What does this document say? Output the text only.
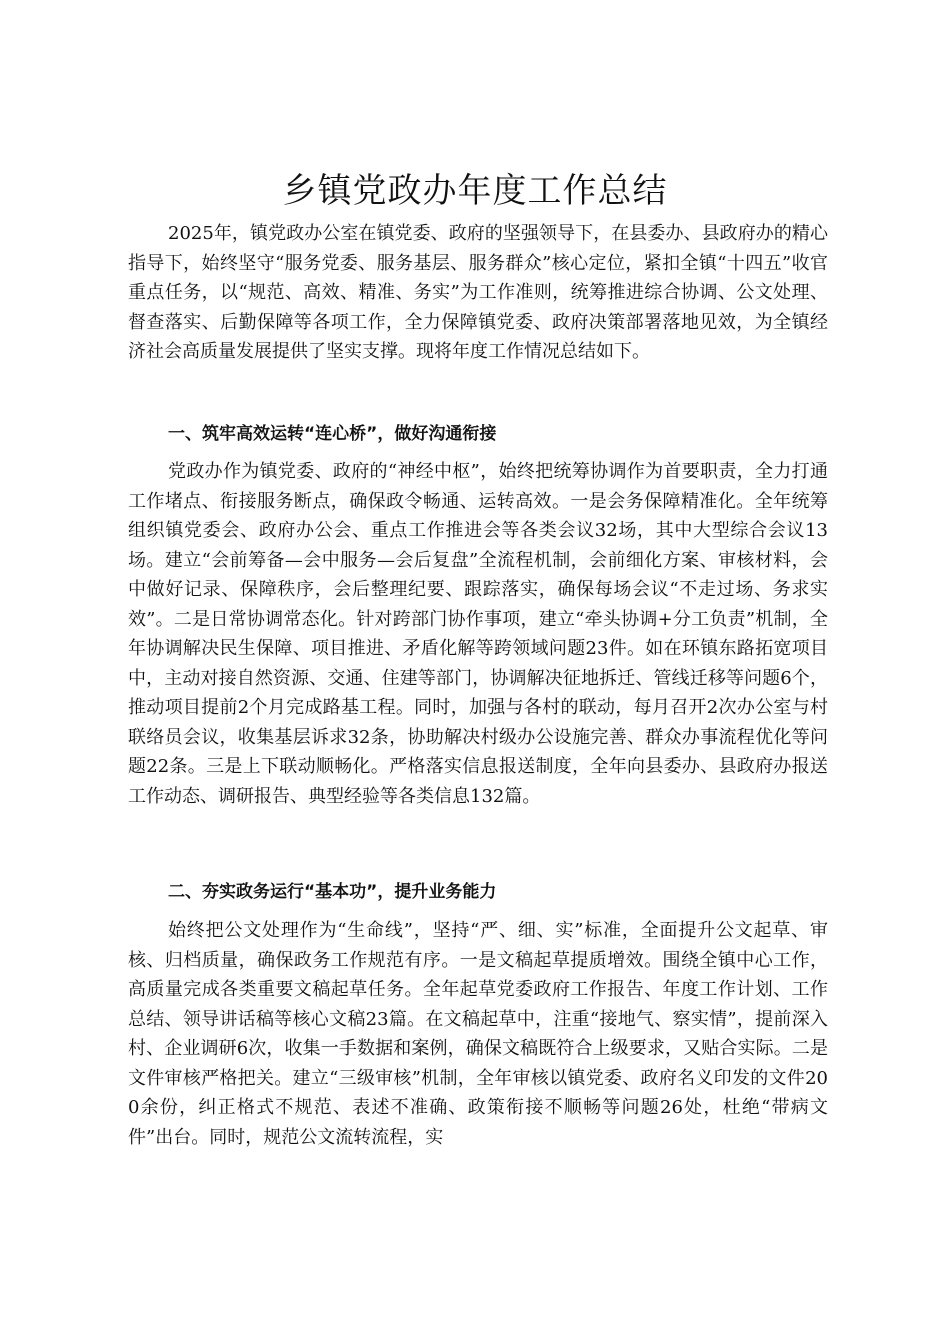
乡镇党政办年度工作总结

2025年，镇党政办公室在镇党委、政府的坚强领导下，在县委办、县政府办的精心指导下，始终坚守“服务党委、服务基层、服务群众”核心定位，紧扣全镇“十四五”收官重点任务，以“规范、高效、精准、务实”为工作准则，统筹推进综合协调、公文处理、督查落实、后勤保障等各项工作，全力保障镇党委、政府决策部署落地见效，为全镇经济社会高质量发展提供了坚实支撑。现将年度工作情况总结如下。

一、筑牢高效运转“连心桥”，做好沟通衔接

党政办作为镇党委、政府的“神经中枢”，始终把统筹协调作为首要职责，全力打通工作堵点、衔接服务断点，确保政令畅通、运转高效。一是会务保障精准化。全年统筹组织镇党委会、政府办公会、重点工作推进会等各类会议32场，其中大型综合会议13场。建立“会前筹备—会中服务—会后复盘”全流程机制，会前细化方案、审核材料，会中做好记录、保障秩序，会后整理纪要、跟踪落实，确保每场会议“不走过场、务求实效”。二是日常协调常态化。针对跨部门协作事项，建立“牵头协调+分工负责”机制，全年协调解决民生保障、项目推进、矛盾化解等跨领域问题23件。如在环镇东路拓宽项目中，主动对接自然资源、交通、住建等部门，协调解决征地拆迁、管线迁移等问题6个，推动项目提前2个月完成路基工程。同时，加强与各村的联动，每月召开2次办公室与村联络员会议，收集基层诉求32条，协助解决村级办公设施完善、群众办事流程优化等问题22条。三是上下联动顺畅化。严格落实信息报送制度，全年向县委办、县政府办报送工作动态、调研报告、典型经验等各类信息132篇。

二、夯实政务运行“基本功”，提升业务能力

始终把公文处理作为“生命线”，坚持“严、细、实”标准，全面提升公文起草、审核、归档质量，确保政务工作规范有序。一是文稿起草提质增效。围绕全镇中心工作，高质量完成各类重要文稿起草任务。全年起草党委政府工作报告、年度工作计划、工作总结、领导讲话稿等核心文稿23篇。在文稿起草中，注重“接地气、察实情”，提前深入村、企业调研6次，收集一手数据和案例，确保文稿既符合上级要求，又贴合实际。二是文件审核严格把关。建立“三级审核”机制，全年审核以镇党委、政府名义印发的文件200余份，纠正格式不规范、表述不准确、政策衔接不顺畅等问题26处，杜绝“带病文件”出台。同时，规范公文流转流程，实
